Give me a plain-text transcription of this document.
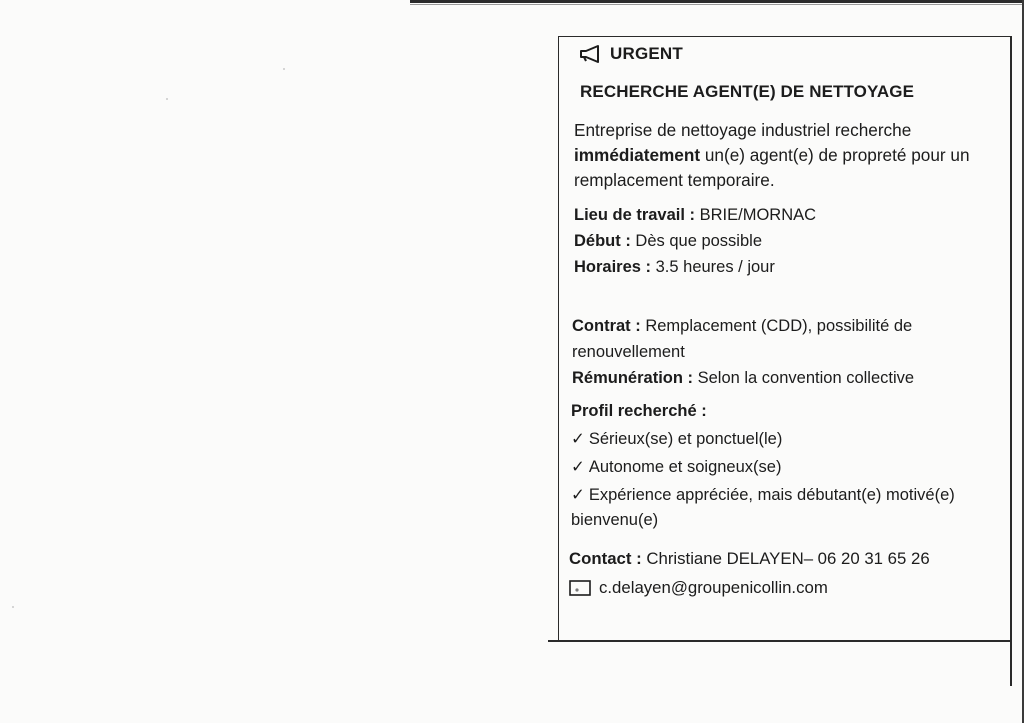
URGENT
RECHERCHE AGENT(E) DE NETTOYAGE
Entreprise de nettoyage industriel recherche
immédiatement un(e) agent(e) de propreté pour un remplacement temporaire.
Lieu de travail : BRIE/MORNAC
Début : Dès que possible
Horaires : 3.5 heures / jour
Contrat : Remplacement (CDD), possibilité de renouvellement
Rémunération : Selon la convention collective
Profil recherché :
✓ Sérieux(se) et ponctuel(le)
✓ Autonome et soigneux(se)
✓ Expérience appréciée, mais débutant(e) motivé(e) bienvenu(e)
Contact : Christiane DELAYEN– 06 20 31 65 26
c.delayen@groupenicollin.com
